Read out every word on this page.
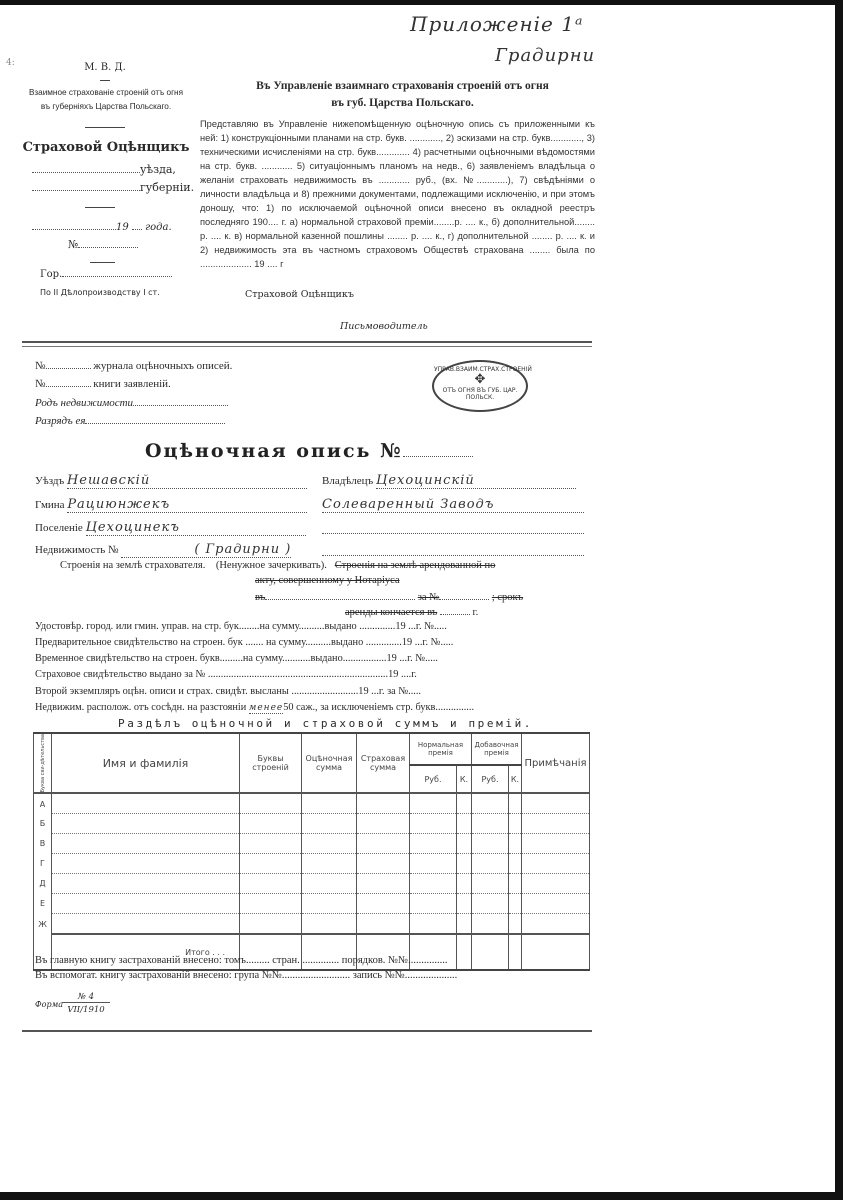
Приложеніе 1ᵃ
Градирни
4:	М. В. Д.
Взаимное страхованіе строеній отъ огня
въ губерніяхъ Царства Польскаго.
Страховой Оцѣнщикъ
уѣзда,
губерніи.
19 года.
№
Гор.
По II Дѣлопроизводству I ст.
Въ Управленіе взаимнаго страхованія строеній отъ огня
въ губ. Царства Польскаго.
Представляю въ Управленіе нижепомѣщенную оцѣночную опись съ приложенными къ ней: 1) конструкціонными планами на стр. букв. ............, 2) эскизами на стр. букв............, 3) техническими исчисленіями на стр. букв............. 4) расчетными оцѣночными вѣдомостями на стр. букв. ............ 5) ситуаціоннымъ планомъ на недв., 6) заявленіемъ владѣльца о желаніи страховать недвижимость въ ............ руб., (вх. №............), 7) свѣдѣніями о личности владѣльца и 8) прежними документами, подлежащими исключенію, и при этомъ доношу, что: 1) по исключаемой оцѣночной описи внесено въ окладной реестръ последняго 190.... г. а) нормальной страховой преміи........р. .... к., б) дополнительной........ р. .... к. в) нормальной казенной пошлины ........ р. .... к., г) дополнительной ........ р. .... к. и 2) недвижимость эта въ частномъ страховомъ Обществѣ страхована ........ была по .................... 19 .... г
Страховой Оцѣнщикъ
Письмоводитель
№	журнала оцѣночныхъ описей.
№	книги заявленій.
Родъ недвижимости
Разрядъ ея
УПРАВ.ВЗАИМ.СТРАХ.СТРОЕНІЙ
✥
ОТЪ ОГНЯ ВЪ ГУБ. ЦАР. ПОЛЬСК.
Оцѣночная опись №
Уѣздъ Нешавскій
Гмина Рациюнжекъ
Поселеніе Цехоцинекъ
Недвижимость №	( Градирни )
Владѣлецъ Цехоцинскій
Солеваренный Заводъ
Строенія на землѣ страхователя. (Ненужное зачеркивать). Строенія на землѣ арендованной по
акту, совершенному у Нотаріуса
въ	за №	; срокъ
аренды кончается въ	г.
Удостовѣр. город. или гмин. управ. на стр. бук........на сумму..........выдано ..............19 ...г. №.....
Предварительное свидѣтельство на строен. бук ....... на сумму..........выдано ..............19 ...г. №.....
Временное свидѣтельство на строен. букв.........на сумму...........выдано.................19 ...г. №.....
Страховое свидѣтельство выдано за № ......................................................................19 ....г.
Второй экземпляръ оцѣн. описи и страх. свидѣт. высланы ..........................19 ...г. за №.....
Недвижим. располож. отъ сосѣдн. на разстояніи менее50 саж., за исключеніемъ стр. букв...............
Раздѣлъ оцѣночной и страховой суммъ и премій.
Буква сви-дѣтельства	Имя и фамилія	Буквы строеній	Оцѣночная сумма	Страховая сумма	Нормальная премія		Добавочная премія		Примѣчанія
					Руб.	К.	Руб.	К.	
А									
Б									
В									
Г									
Д									
Е									
Ж									
	Итого . . .								
Въ главную книгу застрахованій внесено: томъ......... стран. .............. порядков. №№...............
Въ вспомогат. книгу застрахованій внесено: група №№.......................... запись №№....................
Форма
№ 4
VII/1910
